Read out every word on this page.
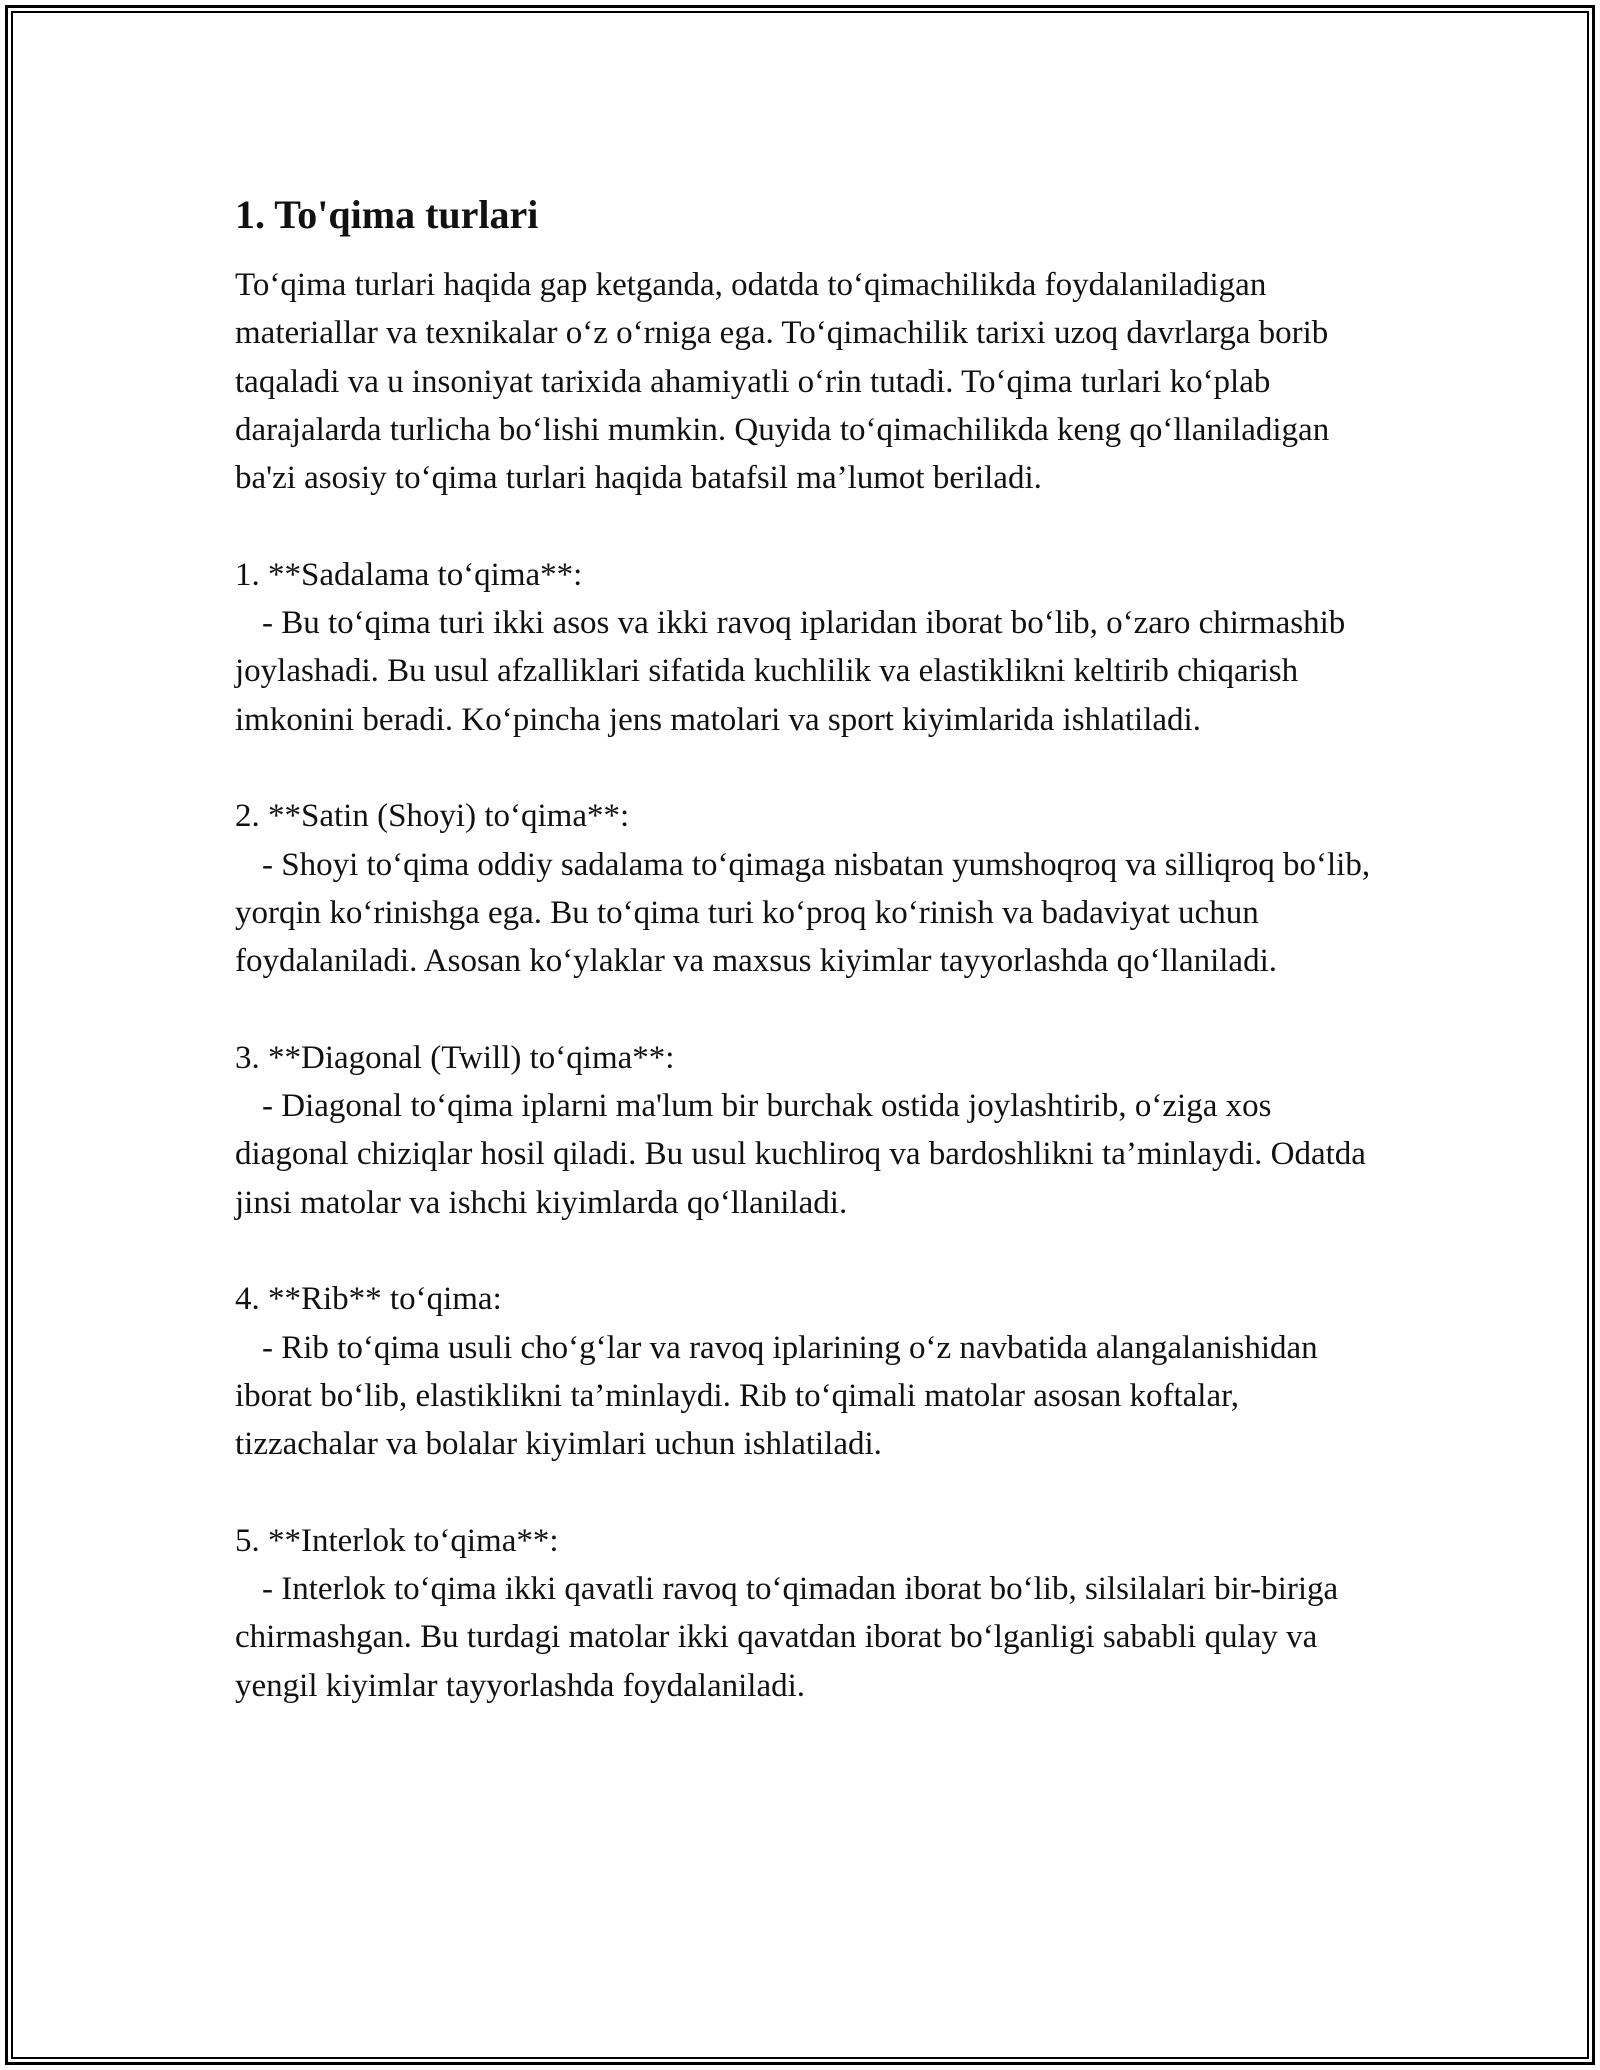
1. To'qima turlari

To‘qima turlari haqida gap ketganda, odatda to‘qimachilikda foydalaniladigan materiallar va texnikalar o‘z o‘rniga ega. To‘qimachilik tarixi uzoq davrlarga borib taqaladi va u insoniyat tarixida ahamiyatli o‘rin tutadi. To‘qima turlari ko‘plab darajalarda turlicha bo‘lishi mumkin. Quyida to‘qimachilikda keng qo‘llaniladigan ba'zi asosiy to‘qima turlari haqida batafsil ma’lumot beriladi.

1. **Sadalama to‘qima**:

- Bu to‘qima turi ikki asos va ikki ravoq iplaridan iborat bo‘lib, o‘zaro chirmashib joylashadi. Bu usul afzalliklari sifatida kuchlilik va elastiklikni keltirib chiqarish imkonini beradi. Ko‘pincha jens matolari va sport kiyimlarida ishlatiladi.

2. **Satin (Shoyi) to‘qima**:

- Shoyi to‘qima oddiy sadalama to‘qimaga nisbatan yumshoqroq va silliqroq bo‘lib, yorqin ko‘rinishga ega. Bu to‘qima turi ko‘proq ko‘rinish va badaviyat uchun foydalaniladi. Asosan ko‘ylaklar va maxsus kiyimlar tayyorlashda qo‘llaniladi.

3. **Diagonal (Twill) to‘qima**:

- Diagonal to‘qima iplarni ma'lum bir burchak ostida joylashtirib, o‘ziga xos diagonal chiziqlar hosil qiladi. Bu usul kuchliroq va bardoshlikni ta’minlaydi. Odatda jinsi matolar va ishchi kiyimlarda qo‘llaniladi.

4. **Rib** to‘qima:

- Rib to‘qima usuli cho‘g‘lar va ravoq iplarining o‘z navbatida alangalanishidan iborat bo‘lib, elastiklikni ta’minlaydi. Rib to‘qimali matolar asosan koftalar, tizzachalar va bolalar kiyimlari uchun ishlatiladi.

5. **Interlok to‘qima**:

- Interlok to‘qima ikki qavatli ravoq to‘qimadan iborat bo‘lib, silsilalari bir-biriga chirmashgan. Bu turdagi matolar ikki qavatdan iborat bo‘lganligi sababli qulay va yengil kiyimlar tayyorlashda foydalaniladi.
